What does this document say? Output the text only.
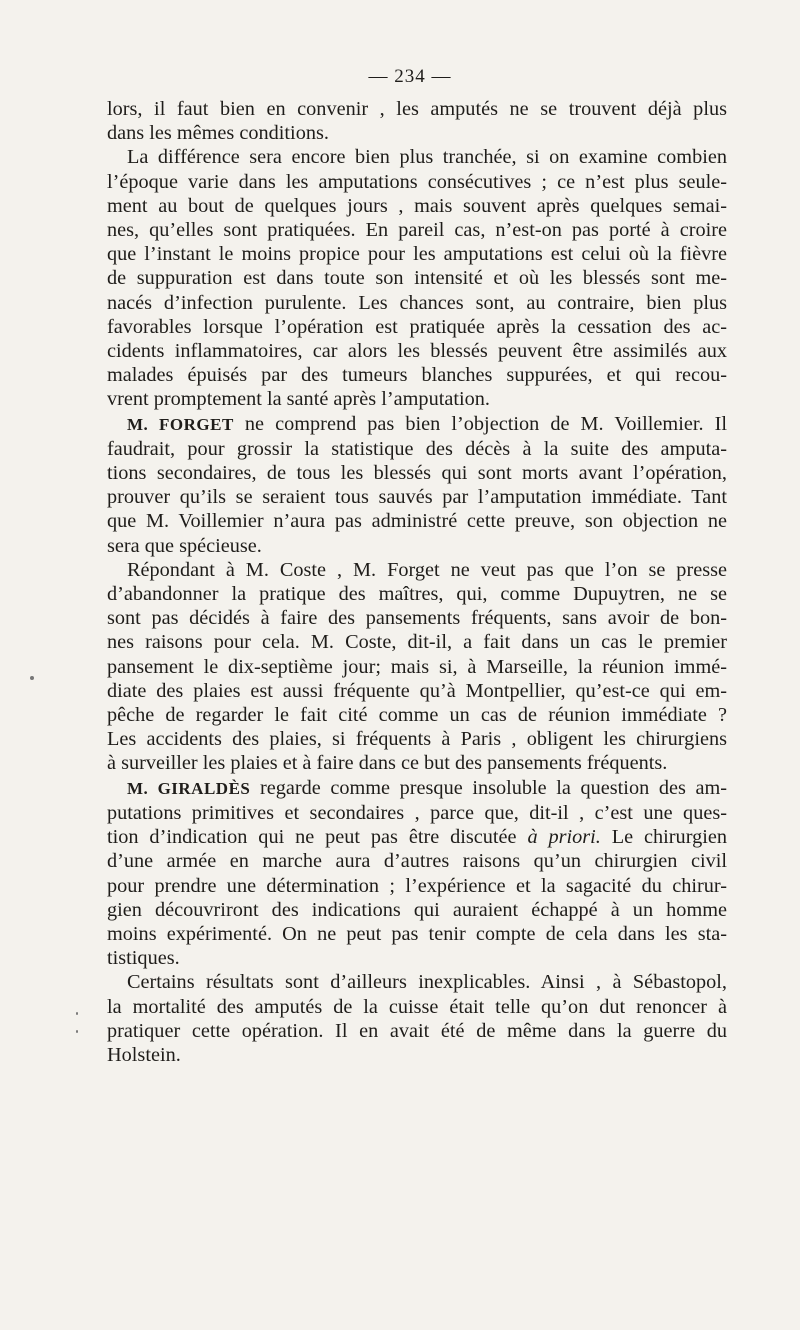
— 234 —
lors, il faut bien en convenir , les amputés ne se trouvent déjà plus
dans les mêmes conditions.
La différence sera encore bien plus tranchée, si on examine combien
l’époque varie dans les amputations consécutives ; ce n’est plus seule-
ment au bout de quelques jours , mais souvent après quelques semai-
nes, qu’elles sont pratiquées. En pareil cas, n’est-on pas porté à croire
que l’instant le moins propice pour les amputations est celui où la fièvre
de suppuration est dans toute son intensité et où les blessés sont me-
nacés d’infection purulente. Les chances sont, au contraire, bien plus
favorables lorsque l’opération est pratiquée après la cessation des ac-
cidents inflammatoires, car alors les blessés peuvent être assimilés aux
malades épuisés par des tumeurs blanches suppurées, et qui recou-
vrent promptement la santé après l’amputation.
M. FORGET ne comprend pas bien l’objection de M. Voillemier. Il
faudrait, pour grossir la statistique des décès à la suite des amputa-
tions secondaires, de tous les blessés qui sont morts avant l’opération,
prouver qu’ils se seraient tous sauvés par l’amputation immédiate. Tant
que M. Voillemier n’aura pas administré cette preuve, son objection ne
sera que spécieuse.
Répondant à M. Coste , M. Forget ne veut pas que l’on se presse
d’abandonner la pratique des maîtres, qui, comme Dupuytren, ne se
sont pas décidés à faire des pansements fréquents, sans avoir de bon-
nes raisons pour cela. M. Coste, dit-il, a fait dans un cas le premier
pansement le dix-septième jour; mais si, à Marseille, la réunion immé-
diate des plaies est aussi fréquente qu’à Montpellier, qu’est-ce qui em-
pêche de regarder le fait cité comme un cas de réunion immédiate ?
Les accidents des plaies, si fréquents à Paris , obligent les chirurgiens
à surveiller les plaies et à faire dans ce but des pansements fréquents.
M. GIRALDÈS regarde comme presque insoluble la question des am-
putations primitives et secondaires , parce que, dit-il , c’est une ques-
tion d’indication qui ne peut pas être discutée à priori. Le chirurgien
d’une armée en marche aura d’autres raisons qu’un chirurgien civil
pour prendre une détermination ; l’expérience et la sagacité du chirur-
gien découvriront des indications qui auraient échappé à un homme
moins expérimenté. On ne peut pas tenir compte de cela dans les sta-
tistiques.
Certains résultats sont d’ailleurs inexplicables. Ainsi , à Sébastopol,
la mortalité des amputés de la cuisse était telle qu’on dut renoncer à
pratiquer cette opération. Il en avait été de même dans la guerre du
Holstein.
